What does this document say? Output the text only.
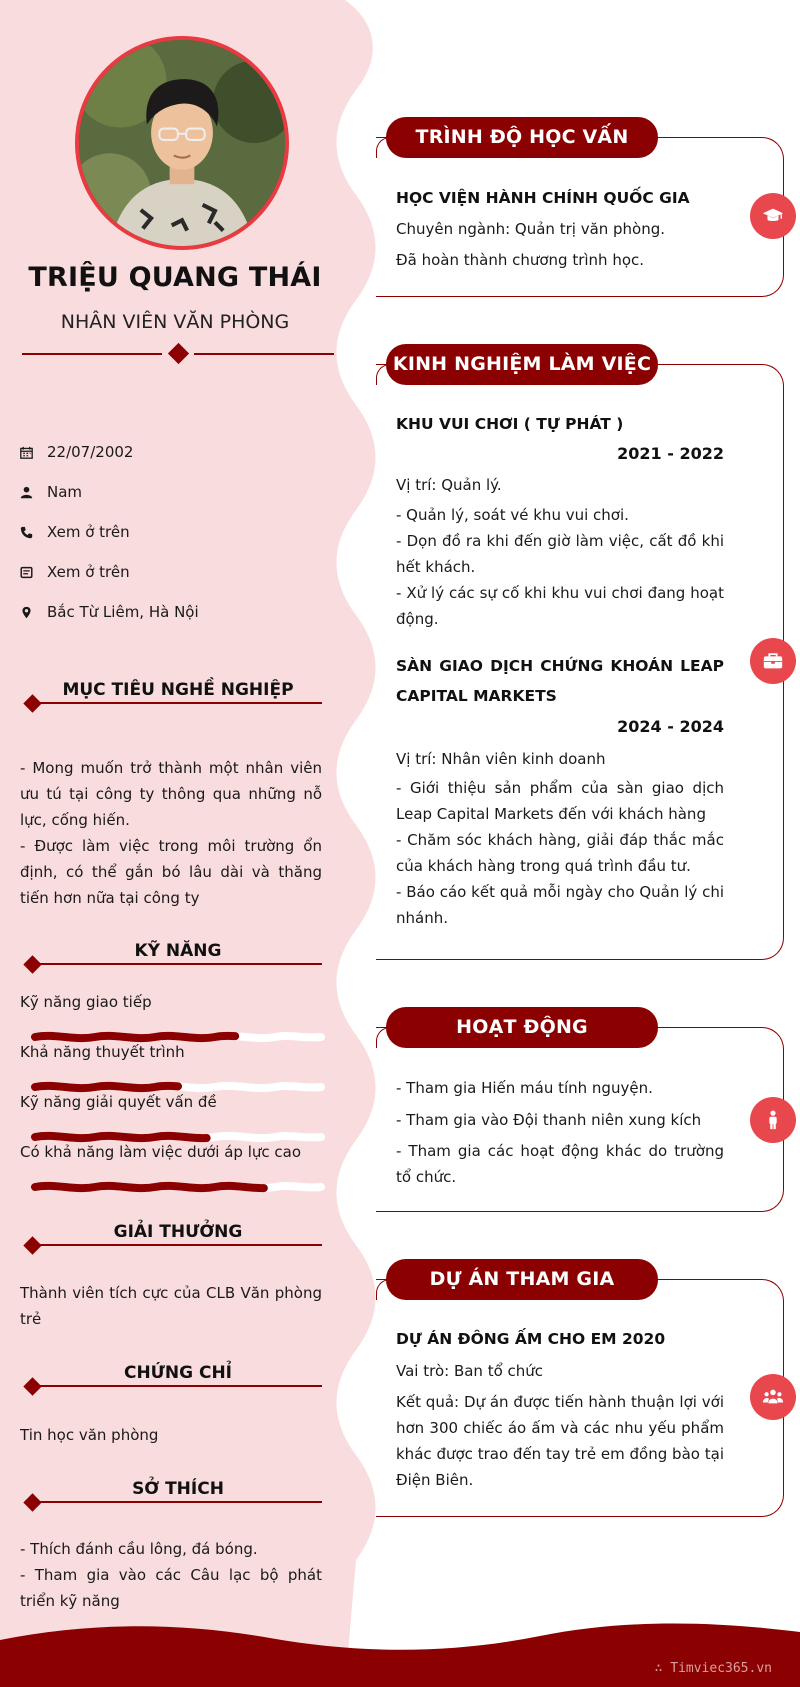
TRIỆU QUANG THÁI
NHÂN VIÊN VĂN PHÒNG
22/07/2002
Nam
Xem ở trên
Xem ở trên
Bắc Từ Liêm, Hà Nội
MỤC TIÊU NGHỀ NGHIỆP
- Mong muốn trở thành một nhân viên ưu tú tại công ty thông qua những nỗ lực, cống hiến.
- Được làm việc trong môi trường ổn định, có thể gắn bó lâu dài và thăng tiến hơn nữa tại công ty
KỸ NĂNG
Kỹ năng giao tiếp
Khả năng thuyết trình
Kỹ năng giải quyết vấn đề
Có khả năng làm việc dưới áp lực cao
GIẢI THƯỞNG
Thành viên tích cực của CLB Văn phòng trẻ
CHỨNG CHỈ
Tin học văn phòng
SỞ THÍCH
- Thích đánh cầu lông, đá bóng.
- Tham gia vào các Câu lạc bộ phát triển kỹ năng
TRÌNH ĐỘ HỌC VẤN
HỌC VIỆN HÀNH CHÍNH QUỐC GIA
Chuyên ngành: Quản trị văn phòng.
Đã hoàn thành chương trình học.
KINH NGHIỆM LÀM VIỆC
KHU VUI CHƠI ( TỰ PHÁT )
2021 - 2022
Vị trí: Quản lý.
- Quản lý, soát vé khu vui chơi.
- Dọn đồ ra khi đến giờ làm việc, cất đồ khi hết khách.
- Xử lý các sự cố khi khu vui chơi đang hoạt động.
SÀN GIAO DỊCH CHỨNG KHOÁN LEAP CAPITAL MARKETS
2024 - 2024
Vị trí: Nhân viên kinh doanh
- Giới thiệu sản phẩm của sàn giao dịch Leap Capital Markets đến với khách hàng
- Chăm sóc khách hàng, giải đáp thắc mắc của khách hàng trong quá trình đầu tư.
- Báo cáo kết quả mỗi ngày cho Quản lý chi nhánh.
HOẠT ĐỘNG
- Tham gia Hiến máu tính nguyện.
- Tham gia vào Đội thanh niên xung kích
- Tham gia các hoạt động khác do trường tổ chức.
DỰ ÁN THAM GIA
DỰ ÁN ĐÔNG ẤM CHO EM 2020
Vai trò: Ban tổ chức
Kết quả: Dự án được tiến hành thuận lợi với hơn 300 chiếc áo ấm và các nhu yếu phẩm khác được trao đến tay trẻ em đồng bào tại Điện Biên.
∴ Timviec365.vn
